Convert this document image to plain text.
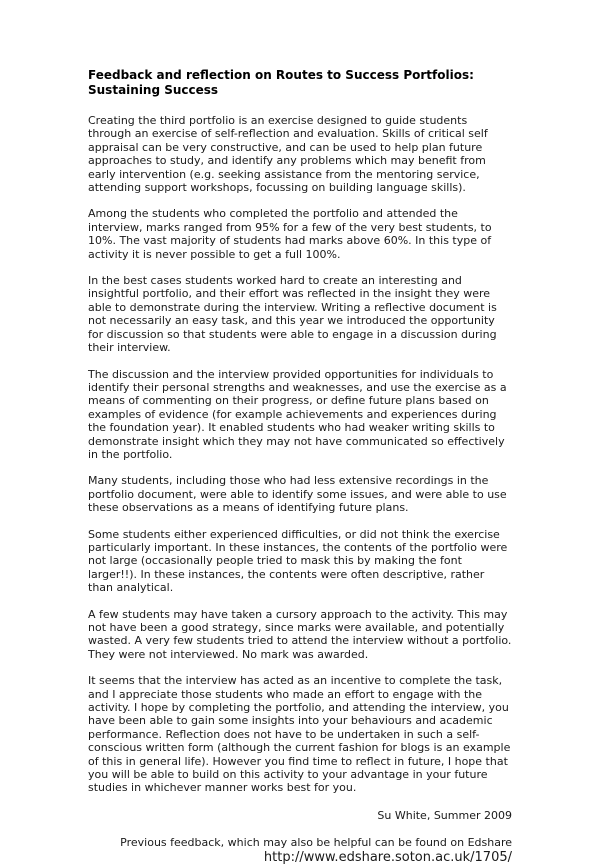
Feedback and reflection on Routes to Success Portfolios: Sustaining Success

Creating the third portfolio is an exercise designed to guide students through an exercise of self-reflection and evaluation. Skills of critical self appraisal can be very constructive, and can be used to help plan future approaches to study, and identify any problems which may benefit from early intervention (e.g. seeking assistance from the mentoring service, attending support workshops, focussing on building language skills).

Among the students who completed the portfolio and attended the interview, marks ranged from 95% for a few of the very best students, to 10%. The vast majority of students had marks above 60%. In this type of activity it is never possible to get a full 100%.

In the best cases students worked hard to create an interesting and insightful portfolio, and their effort was reflected in the insight they were able to demonstrate during the interview. Writing a reflective document is not necessarily an easy task, and this year we introduced the opportunity for discussion so that students were able to engage in a discussion during their interview.

The discussion and the interview provided opportunities for individuals to identify their personal strengths and weaknesses, and use the exercise as a means of commenting on their progress, or define future plans based on examples of evidence (for example achievements and experiences during the foundation year). It enabled students who had weaker writing skills to demonstrate insight which they may not have communicated so effectively in the portfolio.

Many students, including those who had less extensive recordings in the portfolio document, were able to identify some issues, and were able to use these observations as a means of identifying future plans.

Some students either experienced difficulties, or did not think the exercise particularly important. In these instances, the contents of the portfolio were not large (occasionally people tried to mask this by making the font larger!!). In these instances, the contents were often descriptive, rather than analytical.

A few students may have taken a cursory approach to the activity. This may not have been a good strategy, since marks were available, and potentially wasted. A very few students tried to attend the interview without a portfolio. They were not interviewed. No mark was awarded.

It seems that the interview has acted as an incentive to complete the task, and I appreciate those students who made an effort to engage with the activity. I hope by completing the portfolio, and attending the interview, you have been able to gain some insights into your behaviours and academic performance. Reflection does not have to be undertaken in such a self-conscious written form (although the current fashion for blogs is an example of this in general life). However you find time to reflect in future, I hope that you will be able to build on this activity to your advantage in your future studies in whichever manner works best for you.

Su White, Summer 2009
Previous feedback, which may also be helpful can be found on Edshare
http://www.edshare.soton.ac.uk/1705/
